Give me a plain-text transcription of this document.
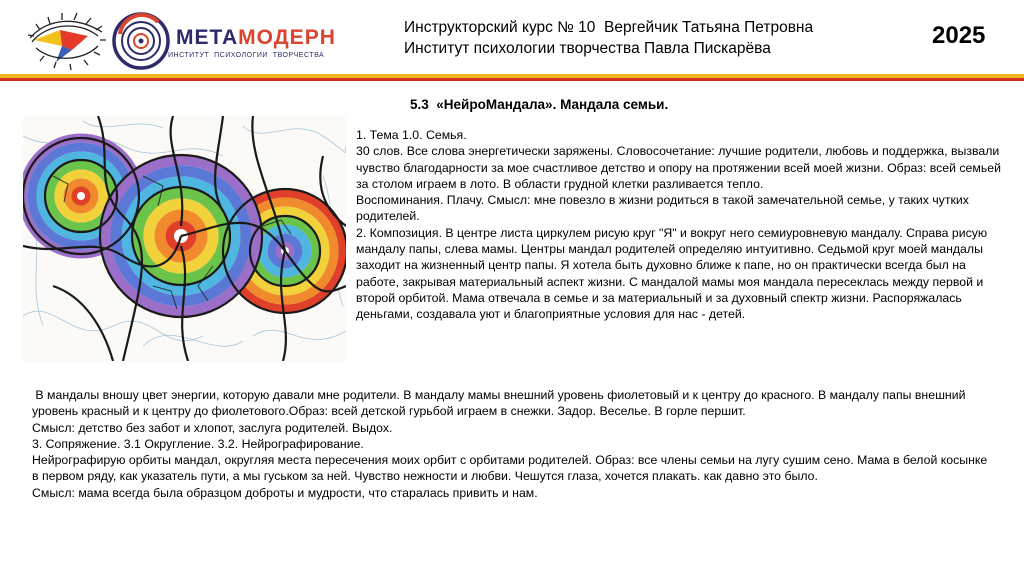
МЕТАМОДЕРН
ИНСТИТУТ  ПСИХОЛОГИИ  ТВОРЧЕСТВА
Инструкторский курс № 10  Вергейчик Татьяна Петровна
Институт психологии творчества Павла Пискарёва	2025
5.3  «НейроМандала». Мандала семьи.
1. Тема 1.0. Семья.
30 слов. Все слова энергетически заряжены. Словосочетание: лучшие родители, любовь и поддержка, вызвали чувство благодарности за мое счастливое детство и опору на протяжении всей моей жизни. Образ: всей семьей за столом играем в лото. В области грудной клетки разливается тепло.
Воспоминания. Плачу. Смысл: мне повезло в жизни родиться в такой замечательной семье, у таких чутких родителей.
2. Композиция. В центре листа циркулем рисую круг "Я" и вокруг него семиуровневую мандалу. Справа рисую мандалу папы, слева мамы. Центры мандал родителей определяю интуитивно. Седьмой круг моей мандалы заходит на жизненный центр папы. Я хотела быть духовно ближе к папе, но он практически всегда был на работе, закрывая материальный аспект жизни. С мандалой мамы моя мандала пересеклась между первой и второй орбитой. Мама отвечала в семье и за материальный и за духовный спектр жизни. Распоряжалась деньгами, создавала уют и благоприятные условия для нас - детей.
В мандалы вношу цвет энергии, которую давали мне родители. В мандалу мамы внешний уровень фиолетовый и к центру до красного. В мандалу папы внешний уровень красный и к центру до фиолетового.Образ: всей детской гурьбой играем в снежки. Задор. Веселье. В горле першит.
Смысл: детство без забот и хлопот, заслуга родителей. Выдох.
3. Сопряжение. 3.1 Округление. 3.2. Нейрографирование.
Нейрографирую орбиты мандал, округляя места пересечения моих орбит с орбитами родителей. Образ: все члены семьи на лугу сушим сено. Мама в белой косынке в первом ряду, как указатель пути, а мы гуськом за ней. Чувство нежности и любви. Чешутся глаза, хочется плакать. как давно это было.
Смысл: мама всегда была образцом доброты и мудрости, что старалась привить и нам.
